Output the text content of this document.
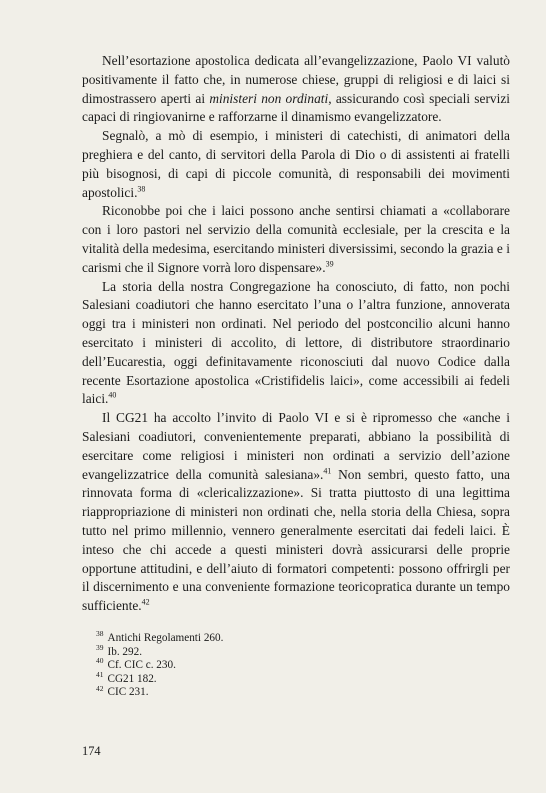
Nell’esortazione apostolica dedicata all’evangelizzazione, Paolo VI valutò positivamente il fatto che, in numerose chiese, gruppi di religiosi e di laici si dimostrassero aperti ai ministeri non ordinati, assicurando così speciali servizi capaci di ringiovanirne e rafforzarne il dinamismo evangelizzatore.

Segnalò, a mò di esempio, i ministeri di catechisti, di animatori della preghiera e del canto, di servitori della Parola di Dio o di assistenti ai fratelli più bisognosi, di capi di piccole comunità, di responsabili dei movimenti apostolici.$^{38}$

Riconobbe poi che i laici possono anche sentirsi chiamati a «collaborare con i loro pastori nel servizio della comunità ecclesiale, per la crescita e la vitalità della medesima, esercitando ministeri diversissimi, secondo la grazia e i carismi che il Signore vorrà loro dispensare».$^{39}$

La storia della nostra Congregazione ha conosciuto, di fatto, non pochi Salesiani coadiutori che hanno esercitato l’una o l’altra funzione, annoverata oggi tra i ministeri non ordinati. Nel periodo del postconcilio alcuni hanno esercitato i ministeri di accolito, di lettore, di distributore straordinario dell’Eucarestia, oggi definitavamente riconosciuti dal nuovo Codice dalla recente Esortazione apostolica «Cristifidelis laici», come accessibili ai fedeli laici.$^{40}$

Il CG21 ha accolto l’invito di Paolo VI e si è ripromesso che «anche i Salesiani coadiutori, convenientemente preparati, abbiano la possibilità di esercitare come religiosi i ministeri non ordinati a servizio dell’azione evangelizzatrice della comunità salesiana».$^{41}$ Non sembri, questo fatto, una rinnovata forma di «clericalizzazione». Si tratta piuttosto di una legittima riappropriazione di ministeri non ordinati che, nella storia della Chiesa, sopra tutto nel primo millennio, vennero generalmente esercitati dai fedeli laici. È inteso che chi accede a questi ministeri dovrà assicurarsi delle proprie opportune attitudini, e dell’aiuto di formatori competenti: possono offrirgli per il discernimento e una conveniente formazione teoricopratica durante un tempo sufficiente.$^{42}$

$^{38}$ Antichi Regolamenti 260.

$^{39}$ Ib. 292.

$^{40}$ Cf. CIC c. 230.

$^{41}$ CG21 182.

$^{42}$ CIC 231.

174
